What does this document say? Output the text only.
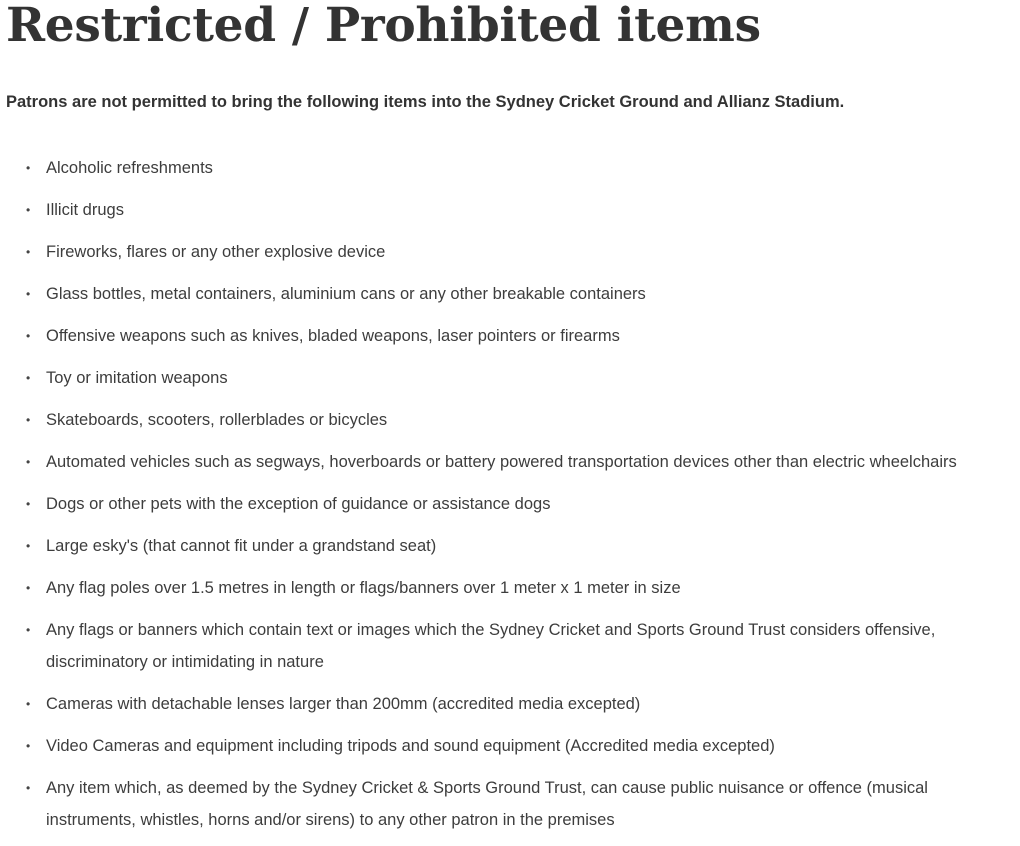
Restricted / Prohibited items

Patrons are not permitted to bring the following items into the Sydney Cricket Ground and Allianz Stadium.

• Alcoholic refreshments
• Illicit drugs
• Fireworks, flares or any other explosive device
• Glass bottles, metal containers, aluminium cans or any other breakable containers
• Offensive weapons such as knives, bladed weapons, laser pointers or firearms
• Toy or imitation weapons
• Skateboards, scooters, rollerblades or bicycles
• Automated vehicles such as segways, hoverboards or battery powered transportation devices other than electric wheelchairs
• Dogs or other pets with the exception of guidance or assistance dogs
• Large esky's (that cannot fit under a grandstand seat)
• Any flag poles over 1.5 metres in length or flags/banners over 1 meter x 1 meter in size
• Any flags or banners which contain text or images which the Sydney Cricket and Sports Ground Trust considers offensive, discriminatory or intimidating in nature
• Cameras with detachable lenses larger than 200mm (accredited media excepted)
• Video Cameras and equipment including tripods and sound equipment (Accredited media excepted)
• Any item which, as deemed by the Sydney Cricket & Sports Ground Trust, can cause public nuisance or offence (musical instruments, whistles, horns and/or sirens) to any other patron in the premises
